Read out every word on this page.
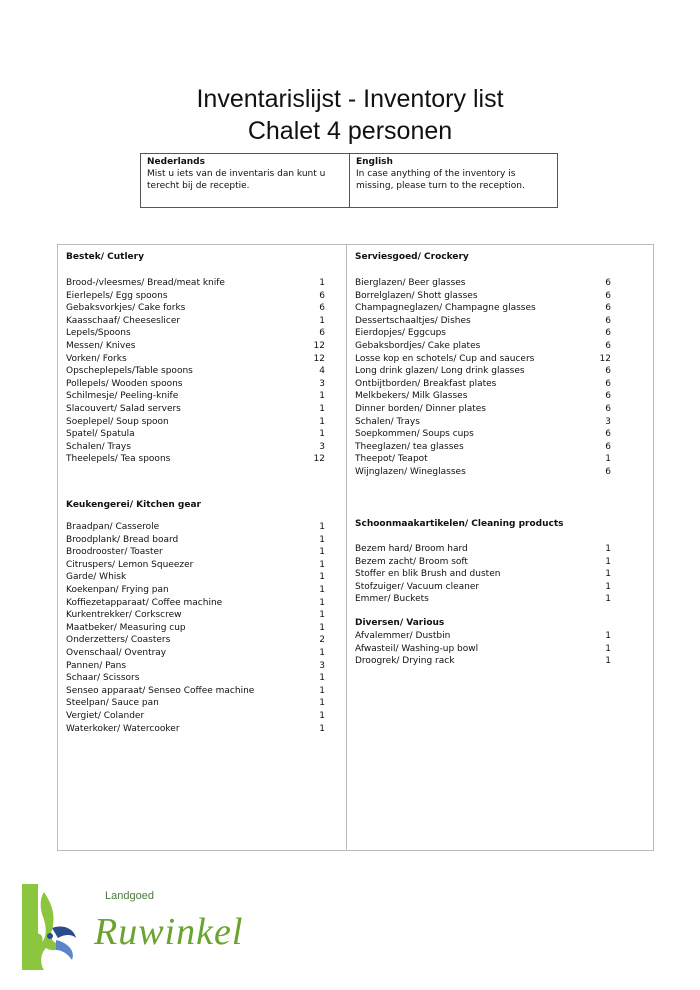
Inventarislijst - Inventory list
Chalet 4 personen
Nederlands
Mist u iets van de inventaris dan kunt u
terecht bij de receptie.
English
In case anything of the inventory is
missing, please turn to the reception.
Bestek/ Cutlery
Brood-/vleesmes/ Bread/meat knife	1
Eierlepels/ Egg spoons	6
Gebaksvorkjes/ Cake forks	6
Kaasschaaf/ Cheeseslicer	1
Lepels/Spoons	6
Messen/ Knives	12
Vorken/ Forks	12
Opscheplepels/Table spoons	4
Pollepels/ Wooden spoons	3
Schilmesje/ Peeling-knife	1
Slacouvert/ Salad servers	1
Soeplepel/ Soup spoon	1
Spatel/ Spatula	1
Schalen/ Trays	3
Theelepels/ Tea spoons	12
Keukengerei/ Kitchen gear
Braadpan/ Casserole	1
Broodplank/ Bread board	1
Broodrooster/ Toaster	1
Citruspers/ Lemon Squeezer	1
Garde/ Whisk	1
Koekenpan/ Frying pan	1
Koffiezetapparaat/ Coffee machine	1
Kurkentrekker/ Corkscrew	1
Maatbeker/ Measuring cup	1
Onderzetters/ Coasters	2
Ovenschaal/ Oventray	1
Pannen/ Pans	3
Schaar/ Scissors	1
Senseo apparaat/ Senseo Coffee machine	1
Steelpan/ Sauce pan	1
Vergiet/ Colander	1
Waterkoker/ Watercooker	1
Serviesgoed/ Crockery
Bierglazen/ Beer glasses	6
Borrelglazen/ Shott glasses	6
Champagneglazen/ Champagne glasses	6
Dessertschaaltjes/ Dishes	6
Eierdopjes/ Eggcups	6
Gebaksbordjes/ Cake plates	6
Losse kop en schotels/ Cup and saucers	12
Long drink glazen/ Long drink glasses	6
Ontbijtborden/ Breakfast plates	6
Melkbekers/ Milk Glasses	6
Dinner borden/ Dinner plates	6
Schalen/ Trays	3
Soepkommen/ Soups cups	6
Theeglazen/ tea glasses	6
Theepot/ Teapot	1
Wijnglazen/ Wineglasses	6
Schoonmaakartikelen/ Cleaning products
Bezem hard/ Broom hard	1
Bezem zacht/ Broom soft	1
Stoffer en blik Brush and dusten	1
Stofzuiger/ Vacuum cleaner	1
Emmer/ Buckets	1
Diversen/ Various
Afvalemmer/ Dustbin	1
Afwasteil/ Washing-up bowl	1
Droogrek/ Drying rack	1
Landgoed
Ruwinkel
